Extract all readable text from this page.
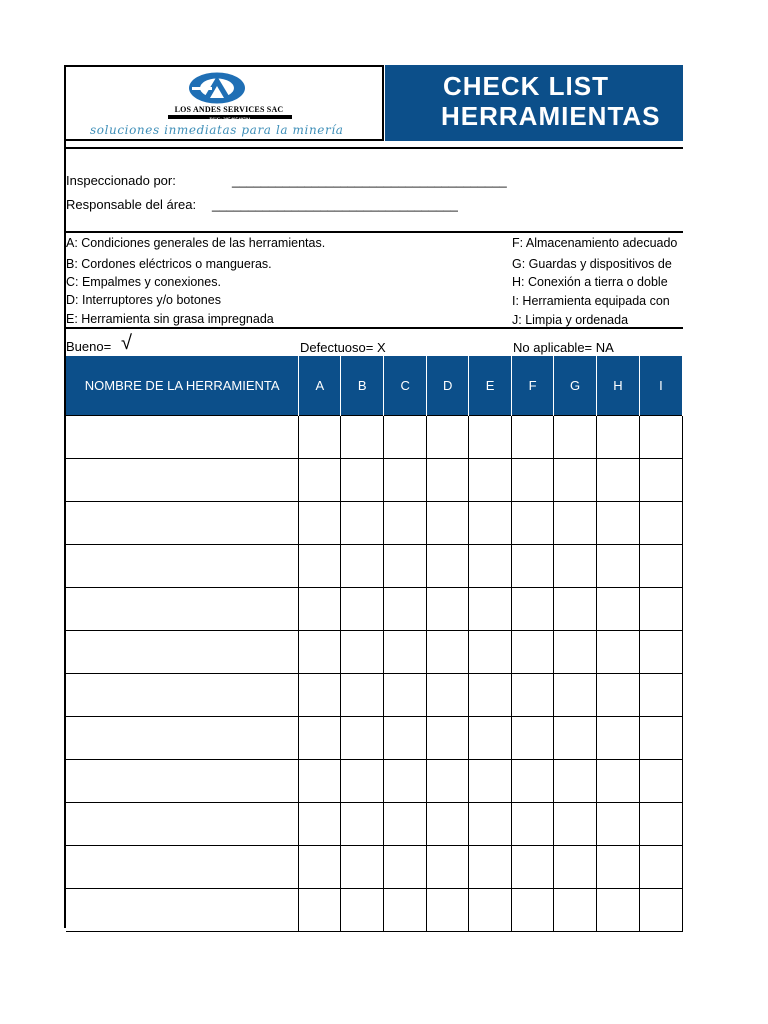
LOS ANDES SERVICES SAC
RUC: 20548540701
soluciones inmediatas para la minería
CHECK LIST
HERRAMIENTAS
Inspeccionado por:	______________________________________
Responsable del área: __________________________________
A: Condiciones generales de las herramientas.
B: Cordones eléctricos o mangueras.
C: Empalmes y conexiones.
D: Interruptores y/o botones
E: Herramienta sin grasa impregnada
F: Almacenamiento adecuado
G: Guardas y dispositivos de
H: Conexión a tierra o doble
I: Herramienta equipada con
J: Limpia y ordenada
Bueno= √	Defectuoso= X	No aplicable= NA
NOMBRE DE LA HERRAMIENTA	A	B	C	D	E	F	G	H	I
